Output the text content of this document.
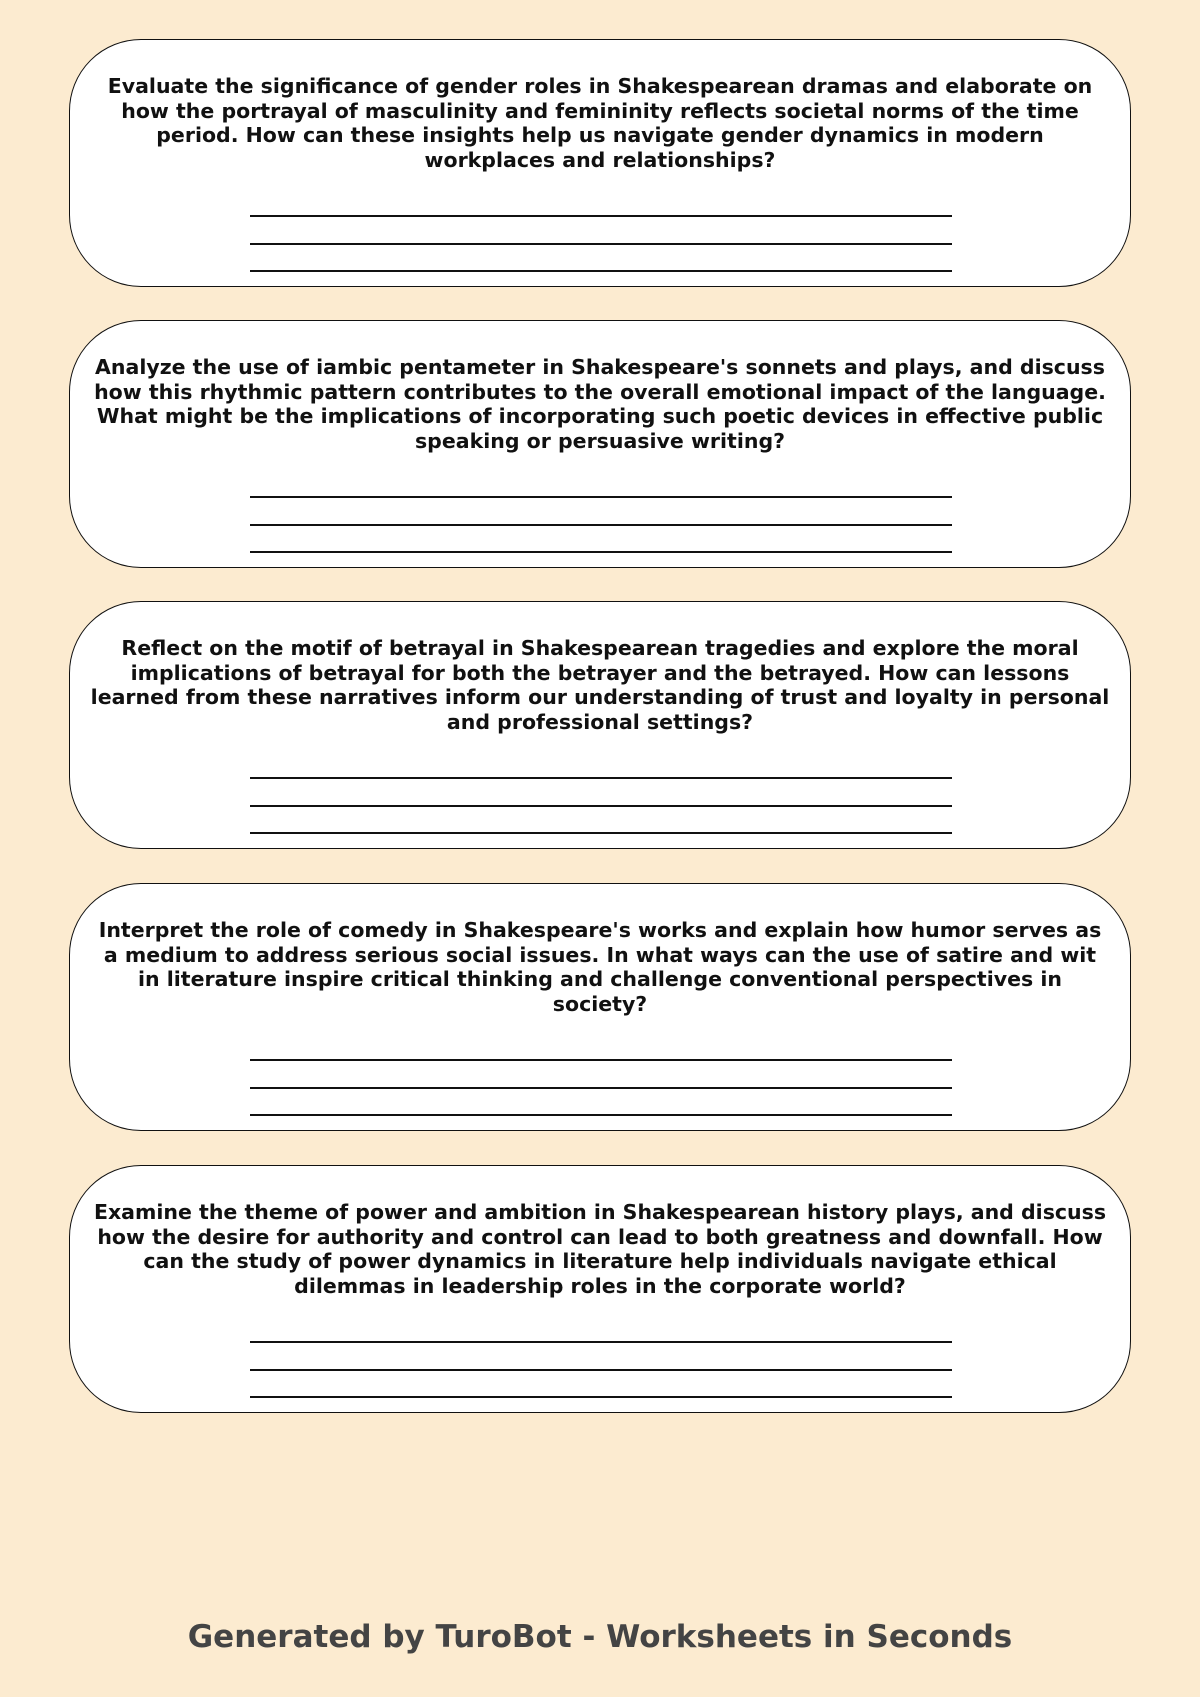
Evaluate the significance of gender roles in Shakespearean dramas and elaborate on how the portrayal of masculinity and femininity reflects societal norms of the time period. How can these insights help us navigate gender dynamics in modern workplaces and relationships?

Analyze the use of iambic pentameter in Shakespeare's sonnets and plays, and discuss how this rhythmic pattern contributes to the overall emotional impact of the language. What might be the implications of incorporating such poetic devices in effective public speaking or persuasive writing?

Reflect on the motif of betrayal in Shakespearean tragedies and explore the moral implications of betrayal for both the betrayer and the betrayed. How can lessons learned from these narratives inform our understanding of trust and loyalty in personal and professional settings?

Interpret the role of comedy in Shakespeare's works and explain how humor serves as a medium to address serious social issues. In what ways can the use of satire and wit in literature inspire critical thinking and challenge conventional perspectives in society?

Examine the theme of power and ambition in Shakespearean history plays, and discuss how the desire for authority and control can lead to both greatness and downfall. How can the study of power dynamics in literature help individuals navigate ethical dilemmas in leadership roles in the corporate world?

Generated by TuroBot - Worksheets in Seconds
